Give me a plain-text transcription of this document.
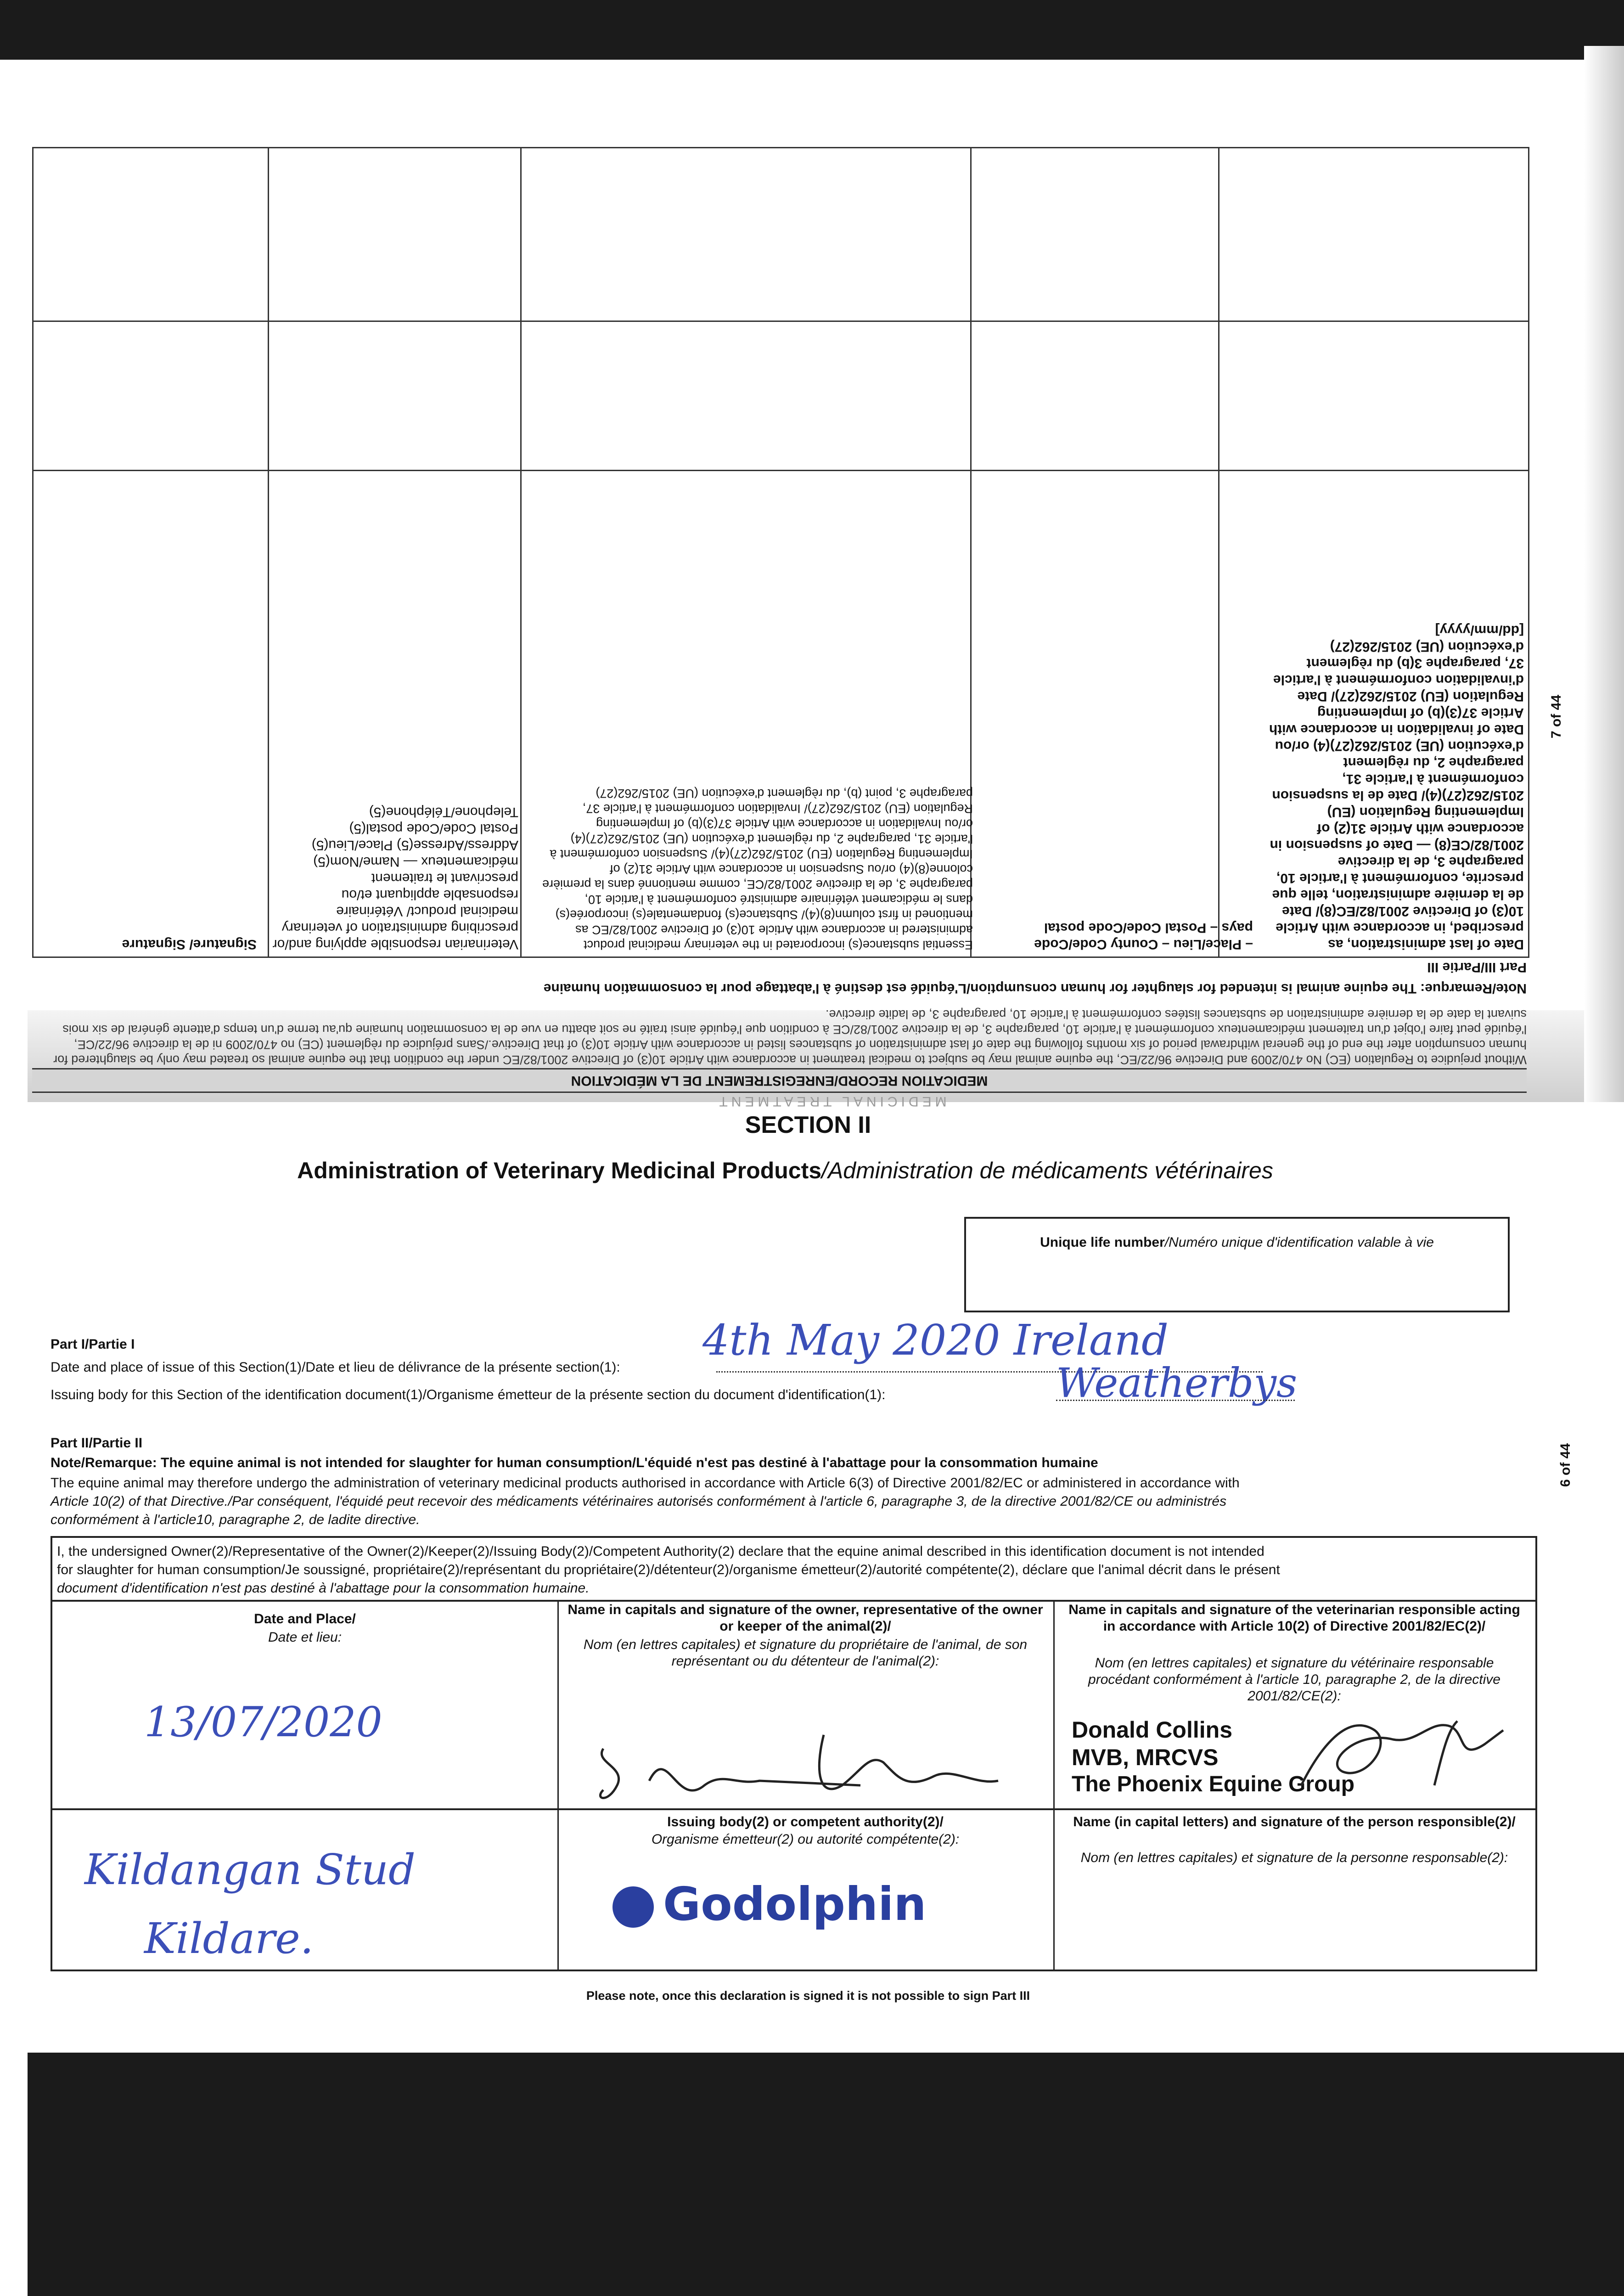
Date of last administration, as prescribed, in accordance with Article 10(3) of Directive 2001/82/EC(8)/ Date de la dernière administration, telle que prescrite, conformément à l'article 10, paragraphe 3, de la directive 2001/82/CE(8) — Date of suspension in accordance with Article 31(2) of Implementing Regulation (EU) 2015/262(27)(4)/ Date de la suspension conformément à l'article 31, paragraphe 2, du règlement d'exécution (UE) 2015/262(27)(4) or/ou Date of invalidation in accordance with Article 37(3)(b) of Implementing Regulation (EU) 2015/262(27)/ Date d'invalidation conformément à l'article 37, paragraphe 3(b) du règlement d'exécution (UE) 2015/262(27) [dd/mm/yyyy]
– Place/Lieu – County Code/Code pays – Postal Code/Code postal
Essential substance(s) incorporated in the veterinary medicinal product administered in accordance with Article 10(3) of Directive 2001/82/EC as mentioned in first column(8)(4)/ Substance(s) fondamentale(s) incorporée(s) dans le médicament vétérinaire administré conformément à l'article 10, paragraphe 3, de la directive 2001/82/CE, comme mentionné dans la première colonne(8)(4) or/ou Suspension in accordance with Article 31(2) of Implementing Regulation (EU) 2015/262(27)(4)/ Suspension conformément à l'article 31, paragraphe 2, du règlement d'exécution (UE) 2015/262(27)(4) or/ou Invalidation in accordance with Article 37(3)(b) of Implementing Regulation (EU) 2015/262(27)/ Invalidation conformément à l'article 37, paragraphe 3, point (b), du règlement d'exécution (UE) 2015/262(27)
Veterinarian responsible applying and/or prescribing administration of veterinary medicinal product/ Vétérinaire responsable appliquant et/ou prescrivant le traitement médicamenteux — Name/Nom(5) Address/Adresse(5) Place/Lieu(5) Postal Code/Code postal(5) Telephone/Téléphone(5)
Signature/ Signature
MEDICATION RECORD/ENREGISTREMENT DE LA MÉDICATION
Without prejudice to Regulation (EC) No 470/2009 and Directive 96/22/EC, the equine animal may be subject to medical treatment in accordance with Article 10(3) of Directive 2001/82/EC under the condition that the equine animal so treated may only be slaughtered for human consumption after the end of the general withdrawal period of six months following the date of last administration of substances listed in accordance with Article 10(3) of that Directive./Sans préjudice du règlement (CE) no 470/2009 ni de la directive 96/22/CE, l'équidé peut faire l'objet d'un traitement médicamenteux conformément à l'article 10, paragraphe 3, de la directive 2001/82/CE à condition que l'équidé ainsi traité ne soit abattu en vue de la consommation humaine qu'au terme d'un temps d'attente général de six mois suivant la date de la dernière administration de substances listées conformément à l'article 10, paragraphe 3, de ladite directive.
Note/Remarque: The equine animal is intended for slaughter for human consumption/L'équidé est destiné à l'abattage pour la consommation humaine
Part III/Partie III
MEDICINAL TREATMENT
7 of 44
SECTION II
Administration of Veterinary Medicinal Products/Administration de médicaments vétérinaires
Unique life number/Numéro unique d'identification valable à vie
Part I/Partie I
Date and place of issue of this Section(1)/Date et lieu de délivrance de la présente section(1):
4th May 2020 Ireland
Issuing body for this Section of the identification document(1)/Organisme émetteur de la présente section du document d'identification(1):	Weatherbys
Part II/Partie II
Note/Remarque: The equine animal is not intended for slaughter for human consumption/L'équidé n'est pas destiné à l'abattage pour la consommation humaine
The equine animal may therefore undergo the administration of veterinary medicinal products authorised in accordance with Article 6(3) of Directive 2001/82/EC or administered in accordance with
Article 10(2) of that Directive./Par conséquent, l'équidé peut recevoir des médicaments vétérinaires autorisés conformément à l'article 6, paragraphe 3, de la directive 2001/82/CE ou administrés
conformément à l'article10, paragraphe 2, de ladite directive.
I, the undersigned Owner(2)/Representative of the Owner(2)/Keeper(2)/Issuing Body(2)/Competent Authority(2) declare that the equine animal described in this identification document is not intended
for slaughter for human consumption/Je soussigné, propriétaire(2)/représentant du propriétaire(2)/détenteur(2)/organisme émetteur(2)/autorité compétente(2), déclare que l'animal décrit dans le présent
document d'identification n'est pas destiné à l'abattage pour la consommation humaine.
Date and Place/
Date et lieu:
13/07/2020
Kildangan Stud
Kildare.
Name in capitals and signature of the owner, representative of the owner or keeper of the animal(2)/
Nom (en lettres capitales) et signature du propriétaire de l'animal, de son représentant ou du détenteur de l'animal(2):
Issuing body(2) or competent authority(2)/
Organisme émetteur(2) ou autorité compétente(2):
Godolphin
Name in capitals and signature of the veterinarian responsible acting in accordance with Article 10(2) of Directive 2001/82/EC(2)/
Nom (en lettres capitales) et signature du vétérinaire responsable procédant conformément à l'article 10, paragraphe 2, de la directive 2001/82/CE(2):
Donald Collins
MVB, MRCVS
The Phoenix Equine Group
Name (in capital letters) and signature of the person responsible(2)/
Nom (en lettres capitales) et signature de la personne responsable(2):
Please note, once this declaration is signed it is not possible to sign Part III
6 of 44
